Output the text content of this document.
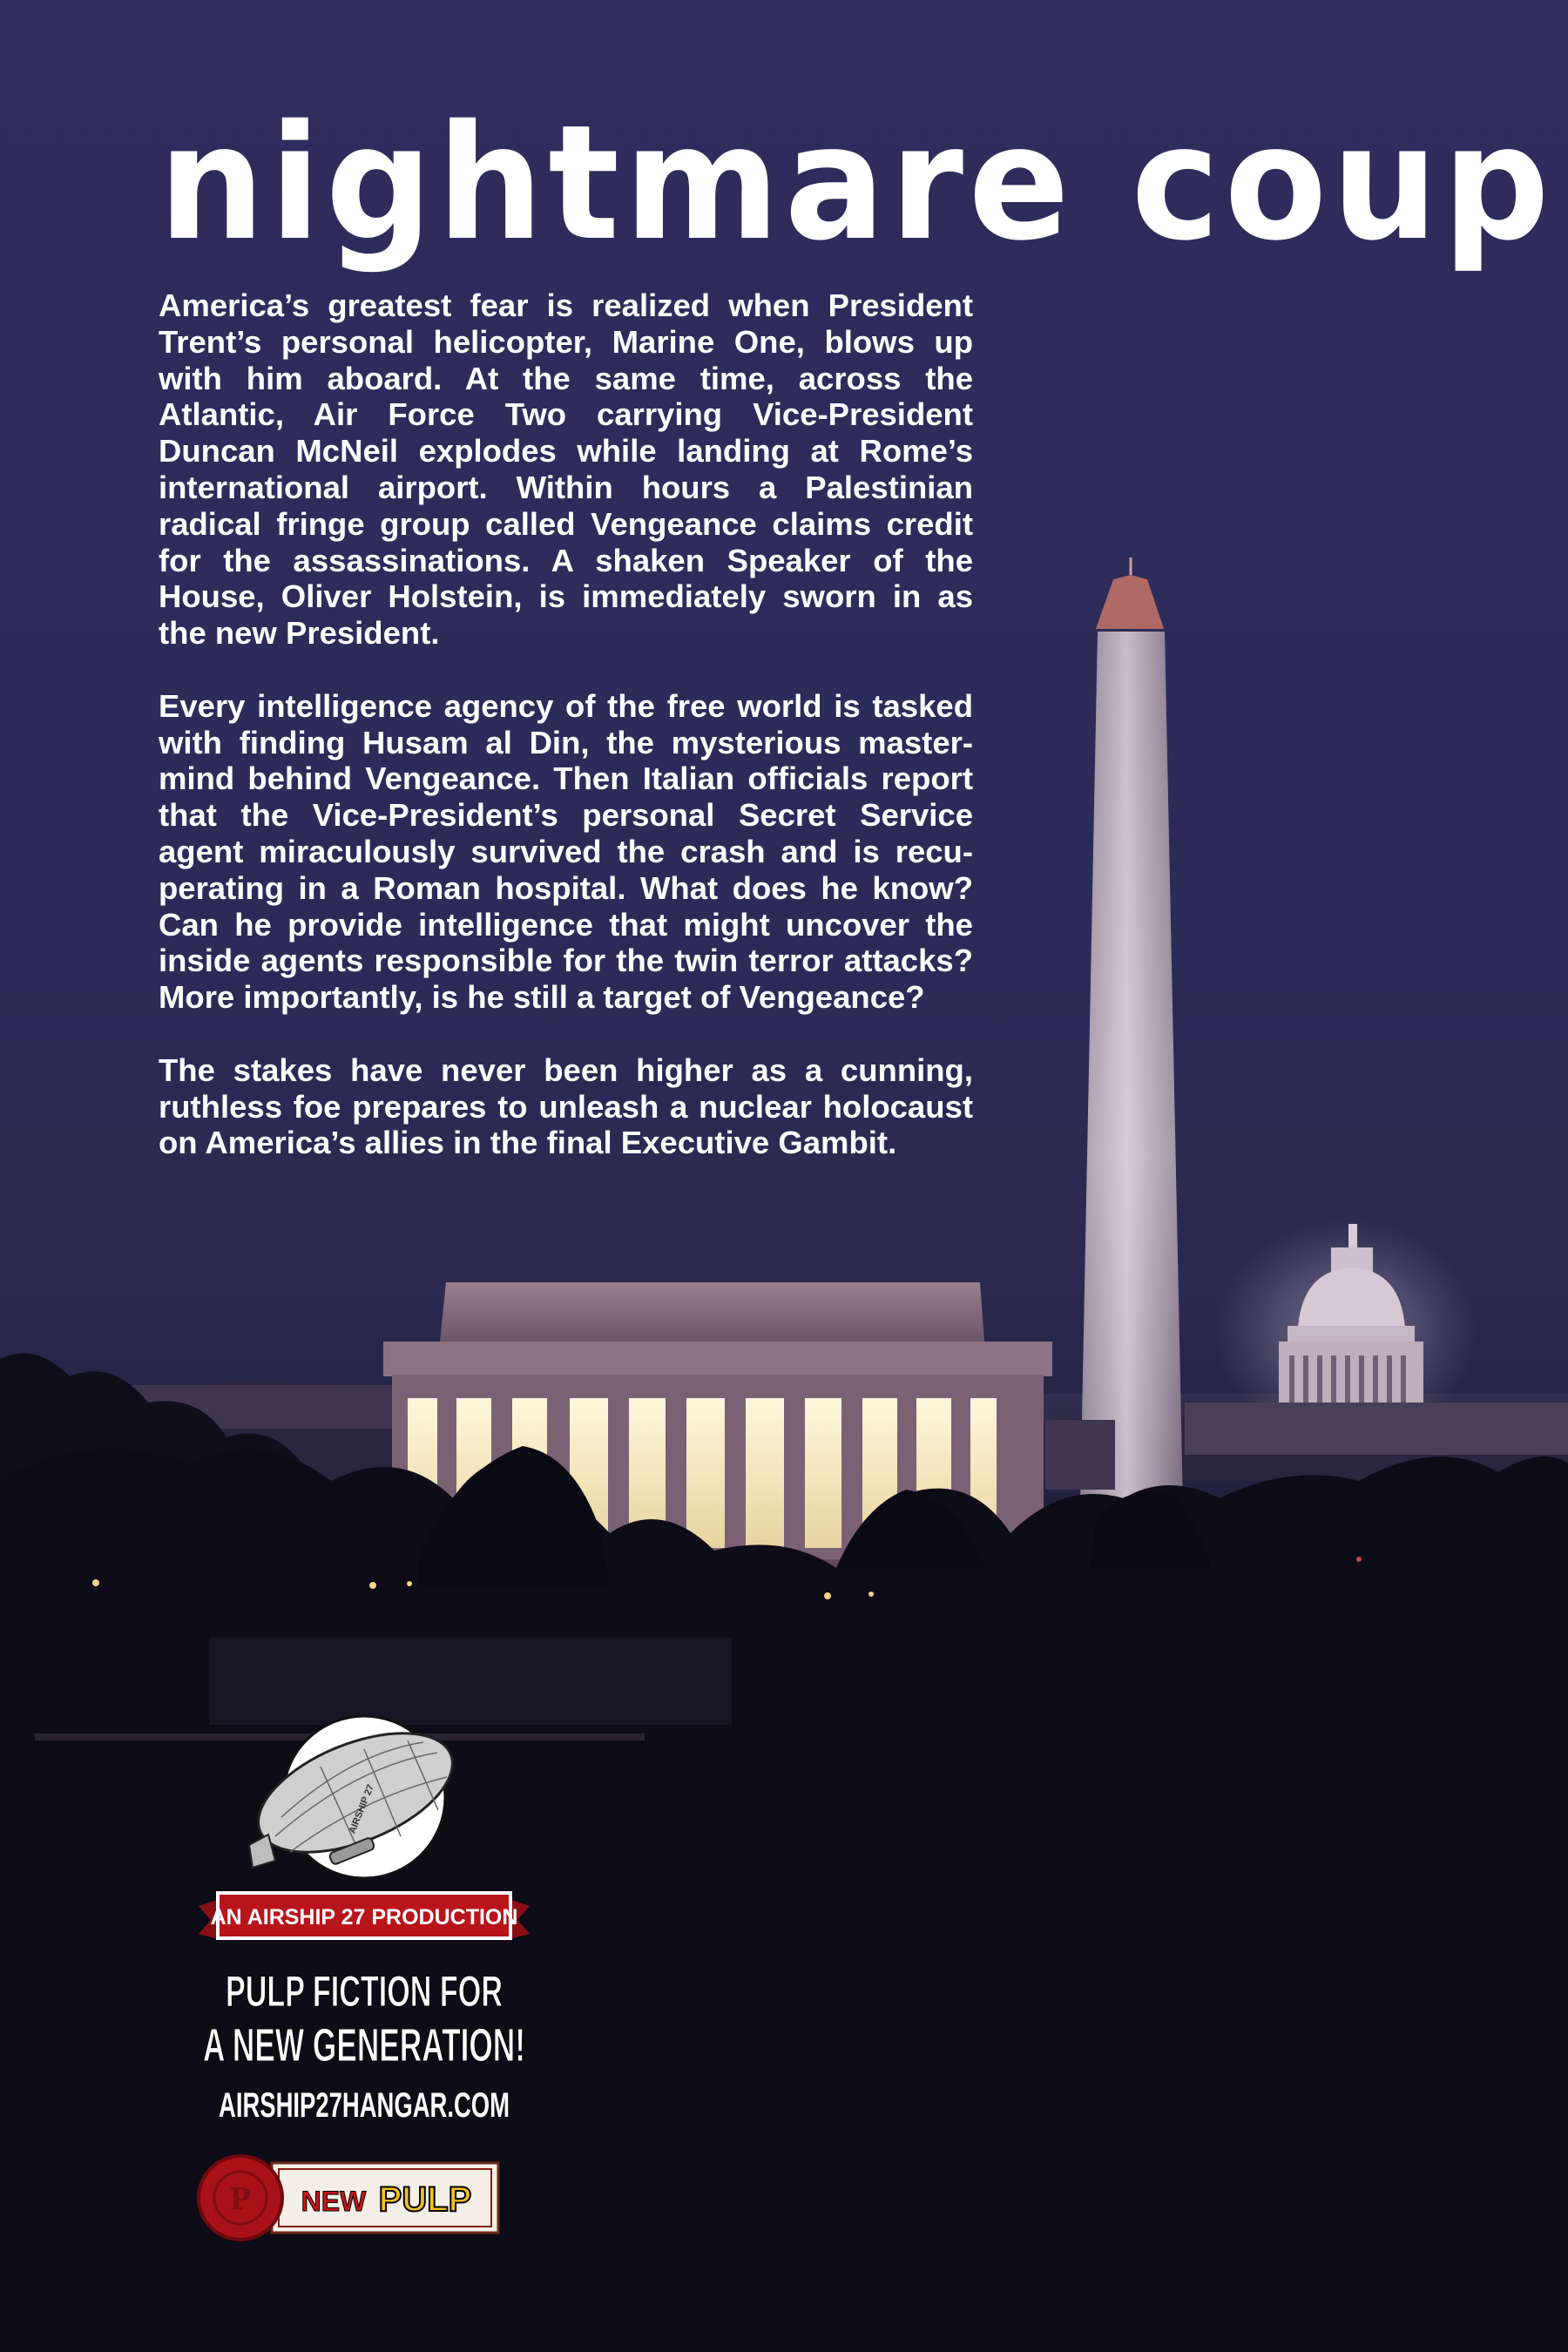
nightmare coup

America’s greatest fear is realized when President Trent’s personal helicopter, Marine One, blows up with him aboard. At the same time, across the Atlantic, Air Force Two carrying Vice-President Duncan McNeil explodes while landing at Rome’s international airport. Within hours a Palestinian radical fringe group called Vengeance claims credit for the assassinations. A shaken Speaker of the House, Oliver Holstein, is immediately sworn in as the new President.

Every intelligence agency of the free world is tasked with finding Husam al Din, the mysterious master-mind behind Vengeance. Then Italian officials report that the Vice-President’s personal Secret Service agent miraculously survived the crash and is recu-perating in a Roman hospital. What does he know? Can he provide intelligence that might uncover the inside agents responsible for the twin terror attacks? More importantly, is he still a target of Vengeance?

The stakes have never been higher as a cunning, ruthless foe prepares to unleash a nuclear holocaust on America’s allies in the final Executive Gambit.

AIRSHIP 27
AN AIRSHIP 27 PRODUCTION
PULP FICTION FOR
A NEW GENERATION!
AIRSHIP27HANGAR.COM
NEW PULP
P
